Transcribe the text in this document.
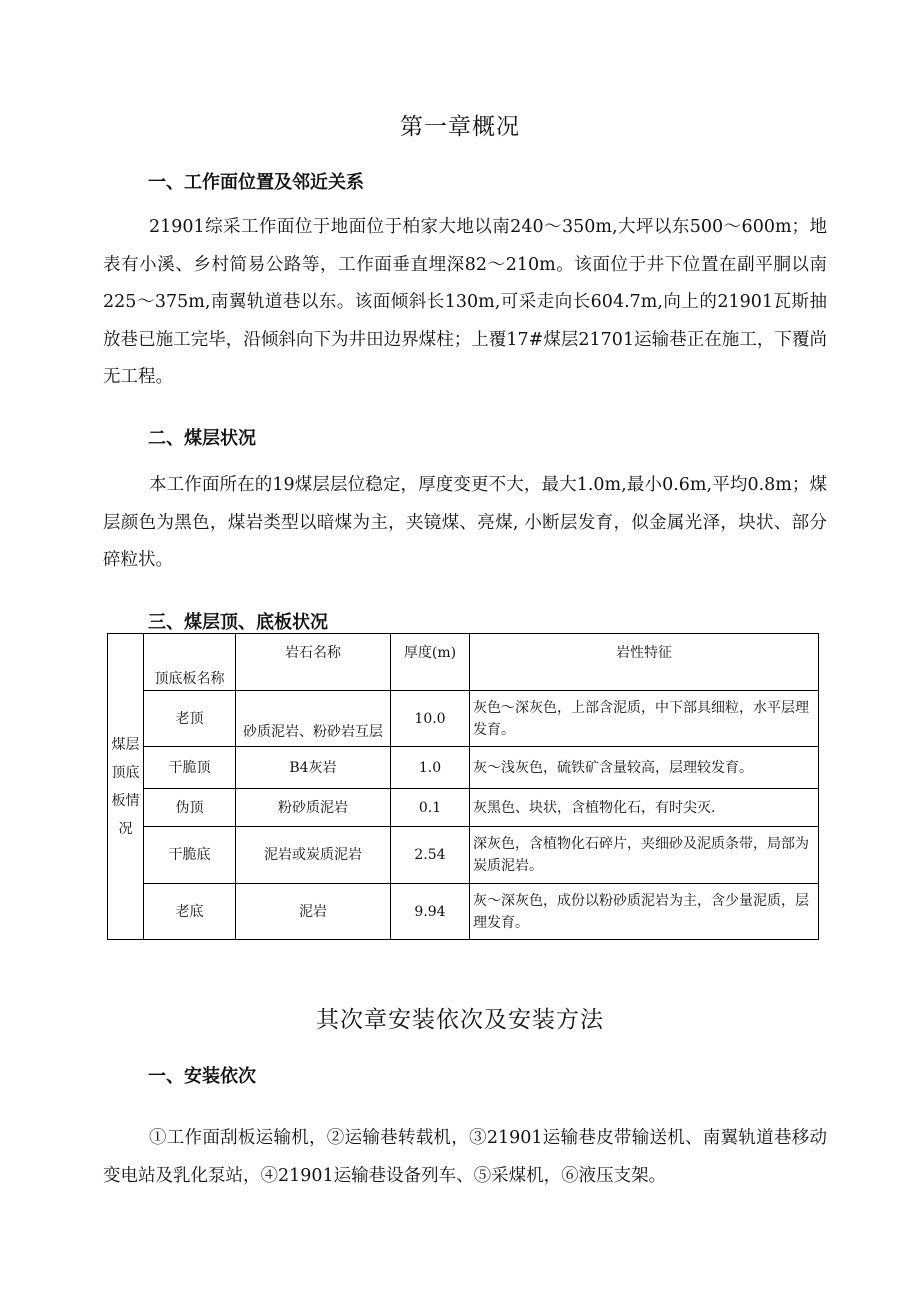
第一章概况
一、工作面位置及邻近关系

21901综采工作面位于地面位于柏家大地以南240～350m,大坪以东500～600m；地表有小溪、乡村简易公路等，工作面垂直埋深82～210m。该面位于井下位置在副平胴以南225～375m,南翼轨道巷以东。该面倾斜长130m,可采走向长604.7m,向上的21901瓦斯抽放巷已施工完毕，沿倾斜向下为井田边界煤柱；上覆17#煤层21701运输巷正在施工，下覆尚无工程。

二、煤层状况

本工作面所在的19煤层层位稳定，厚度变更不大，最大1.0m,最小0.6m,平均0.8m；煤层颜色为黑色，煤岩类型以暗煤为主，夹镜煤、亮煤, 小断层发育，似金属光泽，块状、部分碎粒状。

三、煤层顶、底板状况
煤层顶底板情况	顶底板名称	岩石名称	厚度(m)	岩性特征
	老顶	砂质泥岩、粉砂岩互层	10.0	灰色～深灰色，上部含泥质，中下部具细粒，水平层理发育。
	干脆顶	B4灰岩	1.0	灰～浅灰色，硫铁矿含量较高，层理较发育。
	伪顶	粉砂质泥岩	0.1	灰黑色、块状，含植物化石，有时尖灭.
	干脆底	泥岩或炭质泥岩	2.54	深灰色，含植物化石碎片，夹细砂及泥质条带，局部为炭质泥岩。
	老底	泥岩	9.94	灰～深灰色，成份以粉砂质泥岩为主，含少量泥质，层理发育。
其次章安装依次及安装方法
一、安装依次

①工作面刮板运输机，②运输巷转载机，③21901运输巷皮带输送机、南翼轨道巷移动变电站及乳化泵站，④21901运输巷设备列车、⑤采煤机，⑥液压支架。
